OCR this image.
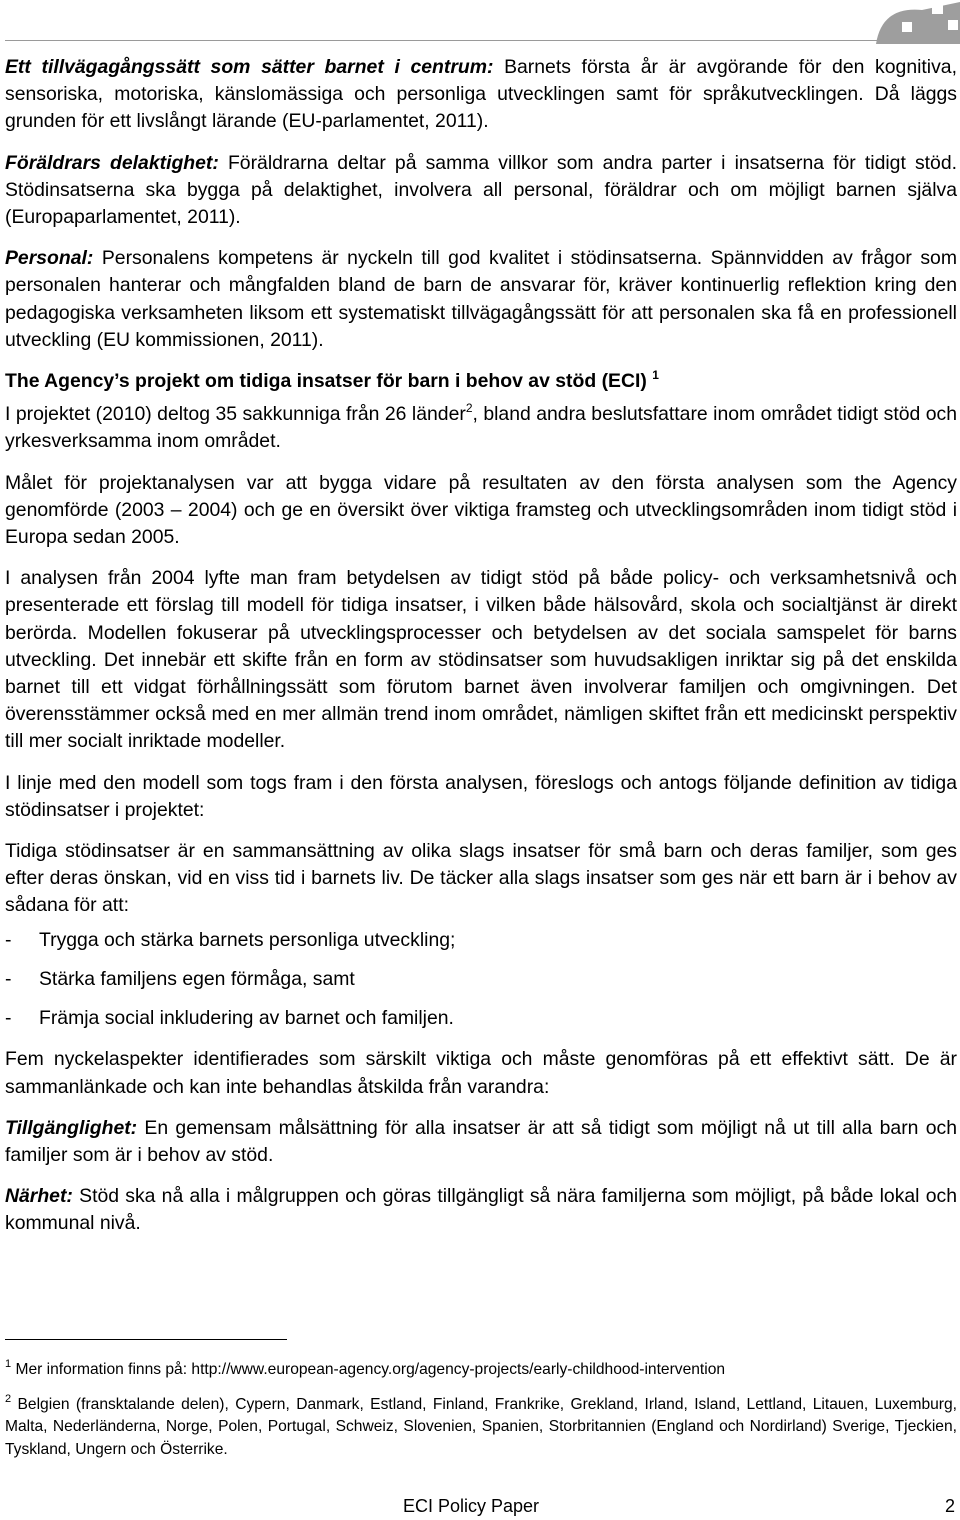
Ett tillvägagångssätt som sätter barnet i centrum: Barnets första år är avgörande för den kognitiva, sensoriska, motoriska, känslomässiga och personliga utvecklingen samt för språkutvecklingen. Då läggs grunden för ett livslångt lärande (EU-parlamentet, 2011).

Föräldrars delaktighet: Föräldrarna deltar på samma villkor som andra parter i insatserna för tidigt stöd. Stödinsatserna ska bygga på delaktighet, involvera all personal, föräldrar och om möjligt barnen själva (Europaparlamentet, 2011).

Personal: Personalens kompetens är nyckeln till god kvalitet i stödinsatserna. Spännvidden av frågor som personalen hanterar och mångfalden bland de barn de ansvarar för, kräver kontinuerlig reflektion kring den pedagogiska verksamheten liksom ett systematiskt tillvägagångssätt för att personalen ska få en professionell utveckling (EU kommissionen, 2011).

The Agency’s projekt om tidiga insatser för barn i behov av stöd (ECI) $^1$

I projektet (2010) deltog 35 sakkunniga från 26 länder$^2$, bland andra beslutsfattare inom området tidigt stöd och yrkesverksamma inom området.

Målet för projektanalysen var att bygga vidare på resultaten av den första analysen som the Agency genomförde (2003 – 2004) och ge en översikt över viktiga framsteg och utvecklingsområden inom tidigt stöd i Europa sedan 2005.

I analysen från 2004 lyfte man fram betydelsen av tidigt stöd på både policy- och verksamhetsnivå och presenterade ett förslag till modell för tidiga insatser, i vilken både hälsovård, skola och socialtjänst är direkt berörda. Modellen fokuserar på utvecklingsprocesser och betydelsen av det sociala samspelet för barns utveckling. Det innebär ett skifte från en form av stödinsatser som huvudsakligen inriktar sig på det enskilda barnet till ett vidgat förhållningssätt som förutom barnet även involverar familjen och omgivningen. Det överensstämmer också med en mer allmän trend inom området, nämligen skiftet från ett medicinskt perspektiv till mer socialt inriktade modeller.

I linje med den modell som togs fram i den första analysen, föreslogs och antogs följande definition av tidiga stödinsatser i projektet:

Tidiga stödinsatser är en sammansättning av olika slags insatser för små barn och deras familjer, som ges efter deras önskan, vid en viss tid i barnets liv. De täcker alla slags insatser som ges när ett barn är i behov av sådana för att:

-	Trygga och stärka barnets personliga utveckling;
-	Stärka familjens egen förmåga, samt
-	Främja social inkludering av barnet och familjen.

Fem nyckelaspekter identifierades som särskilt viktiga och måste genomföras på ett effektivt sätt. De är sammanlänkade och kan inte behandlas åtskilda från varandra:

Tillgänglighet: En gemensam målsättning för alla insatser är att så tidigt som möjligt nå ut till alla barn och familjer som är i behov av stöd.

Närhet: Stöd ska nå alla i målgruppen och göras tillgängligt så nära familjerna som möjligt, på både lokal och kommunal nivå.

$^1$ Mer information finns på: http://www.european-agency.org/agency-projects/early-childhood-intervention

$^2$ Belgien (fransktalande delen), Cypern, Danmark, Estland, Finland, Frankrike, Grekland, Irland, Island, Lettland, Litauen, Luxemburg, Malta, Nederländerna, Norge, Polen, Portugal, Schweiz, Slovenien, Spanien, Storbritannien (England och Nordirland) Sverige, Tjeckien, Tyskland, Ungern och Österrike.

ECI Policy Paper	2
